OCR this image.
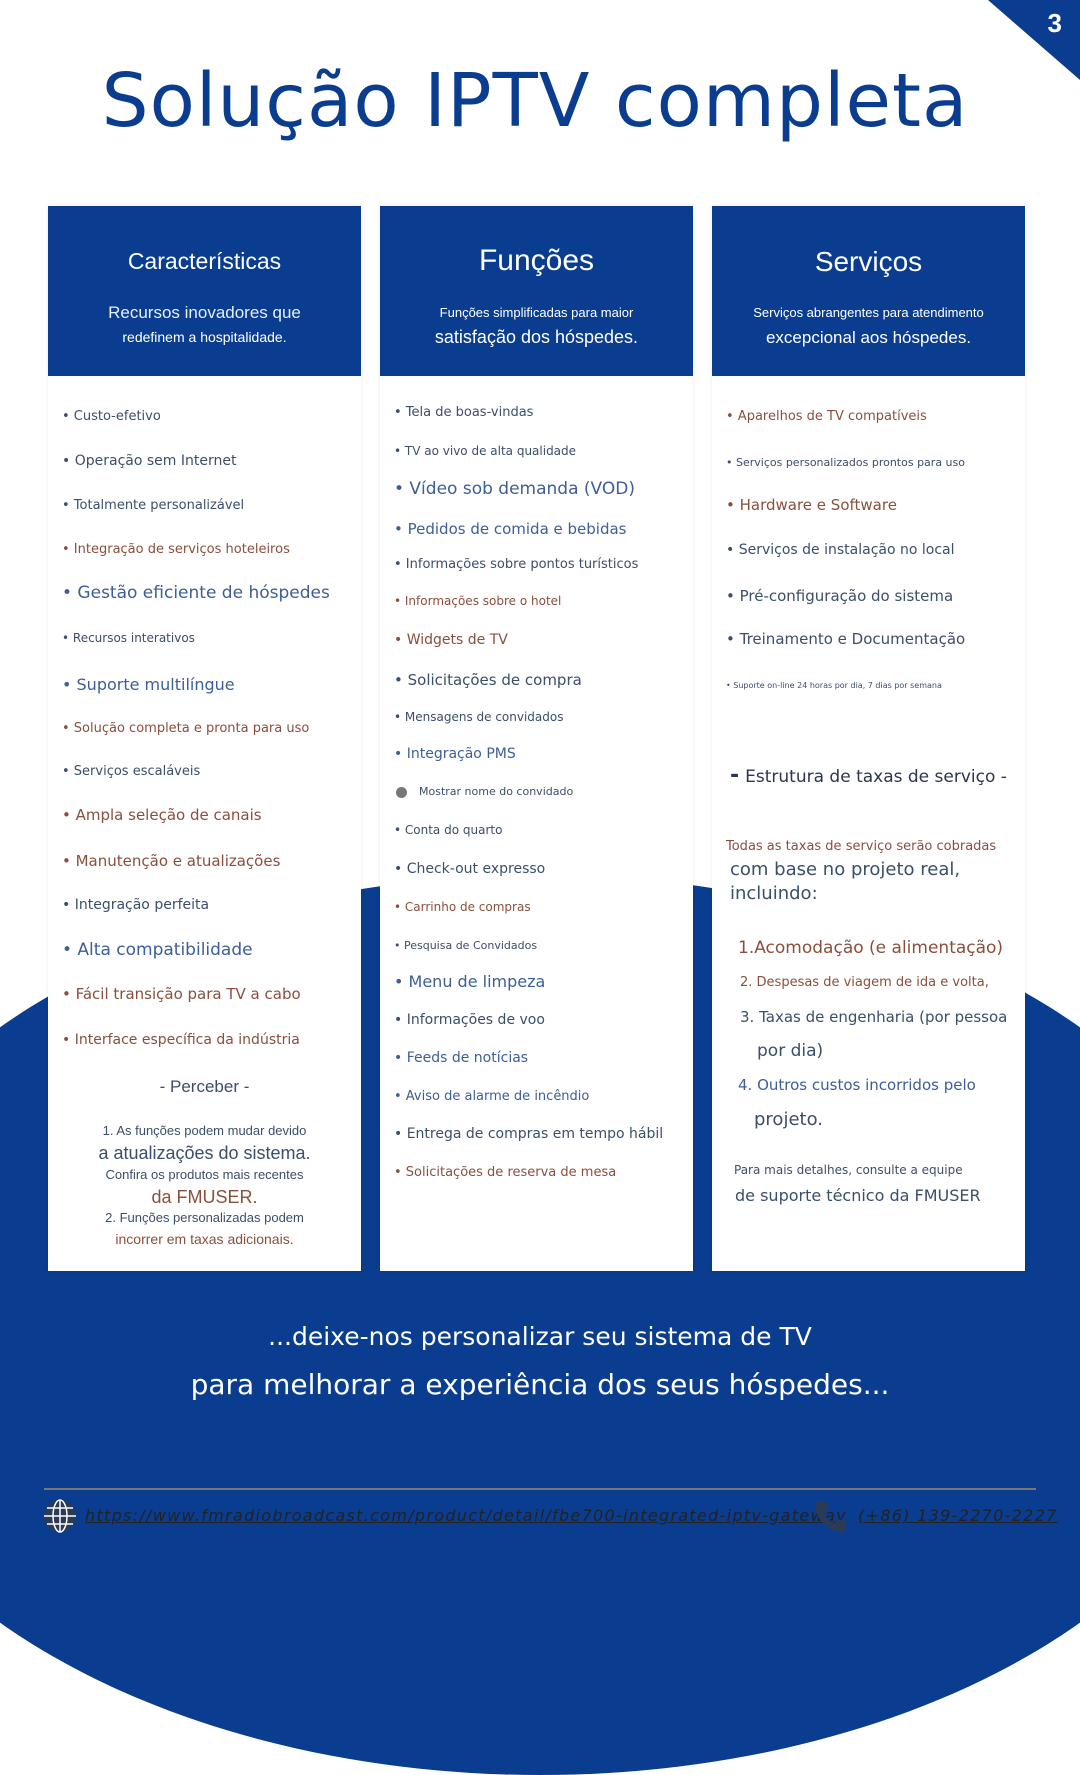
3
Solução IPTV completa
Características
Recursos inovadores que
redefinem a hospitalidade.
• Custo-efetivo
• Operação sem Internet
• Totalmente personalizável
• Integração de serviços hoteleiros
• Gestão eficiente de hóspedes
• Recursos interativos
• Suporte multilíngue
• Solução completa e pronta para uso
• Serviços escaláveis
• Ampla seleção de canais
• Manutenção e atualizações
• Integração perfeita
• Alta compatibilidade
• Fácil transição para TV a cabo
• Interface específica da indústria
- Perceber -
1. As funções podem mudar devido
a atualizações do sistema.
Confira os produtos mais recentes
da FMUSER.
2. Funções personalizadas podem
incorrer em taxas adicionais.
Funções
Funções simplificadas para maior
satisfação dos hóspedes.
• Tela de boas-vindas
• TV ao vivo de alta qualidade
• Vídeo sob demanda (VOD)
• Pedidos de comida e bebidas
• Informações sobre pontos turísticos
• Informações sobre o hotel
• Widgets de TV
• Solicitações de compra
• Mensagens de convidados
• Integração PMS
Mostrar nome do convidado
• Conta do quarto
• Check-out expresso
• Carrinho de compras
• Pesquisa de Convidados
• Menu de limpeza
• Informações de voo
• Feeds de notícias
• Aviso de alarme de incêndio
• Entrega de compras em tempo hábil
• Solicitações de reserva de mesa
Serviços
Serviços abrangentes para atendimento
excepcional aos hóspedes.
• Aparelhos de TV compatíveis
• Serviços personalizados prontos para uso
• Hardware e Software
• Serviços de instalação no local
• Pré-configuração do sistema
• Treinamento e Documentação
• Suporte on-line 24 horas por dia, 7 dias por semana
- Estrutura de taxas de serviço -
Todas as taxas de serviço serão cobradas
com base no projeto real,
incluindo:
1.Acomodação (e alimentação)
2. Despesas de viagem de ida e volta,
3. Taxas de engenharia (por pessoa
por dia)
4. Outros custos incorridos pelo
projeto.
Para mais detalhes, consulte a equipe
de suporte técnico da FMUSER
...deixe-nos personalizar seu sistema de TV
para melhorar a experiência dos seus hóspedes...
https://www.fmradiobroadcast.com/product/detail/fbe700-integrated-iptv-gateway (+86) 139-2270-2227
